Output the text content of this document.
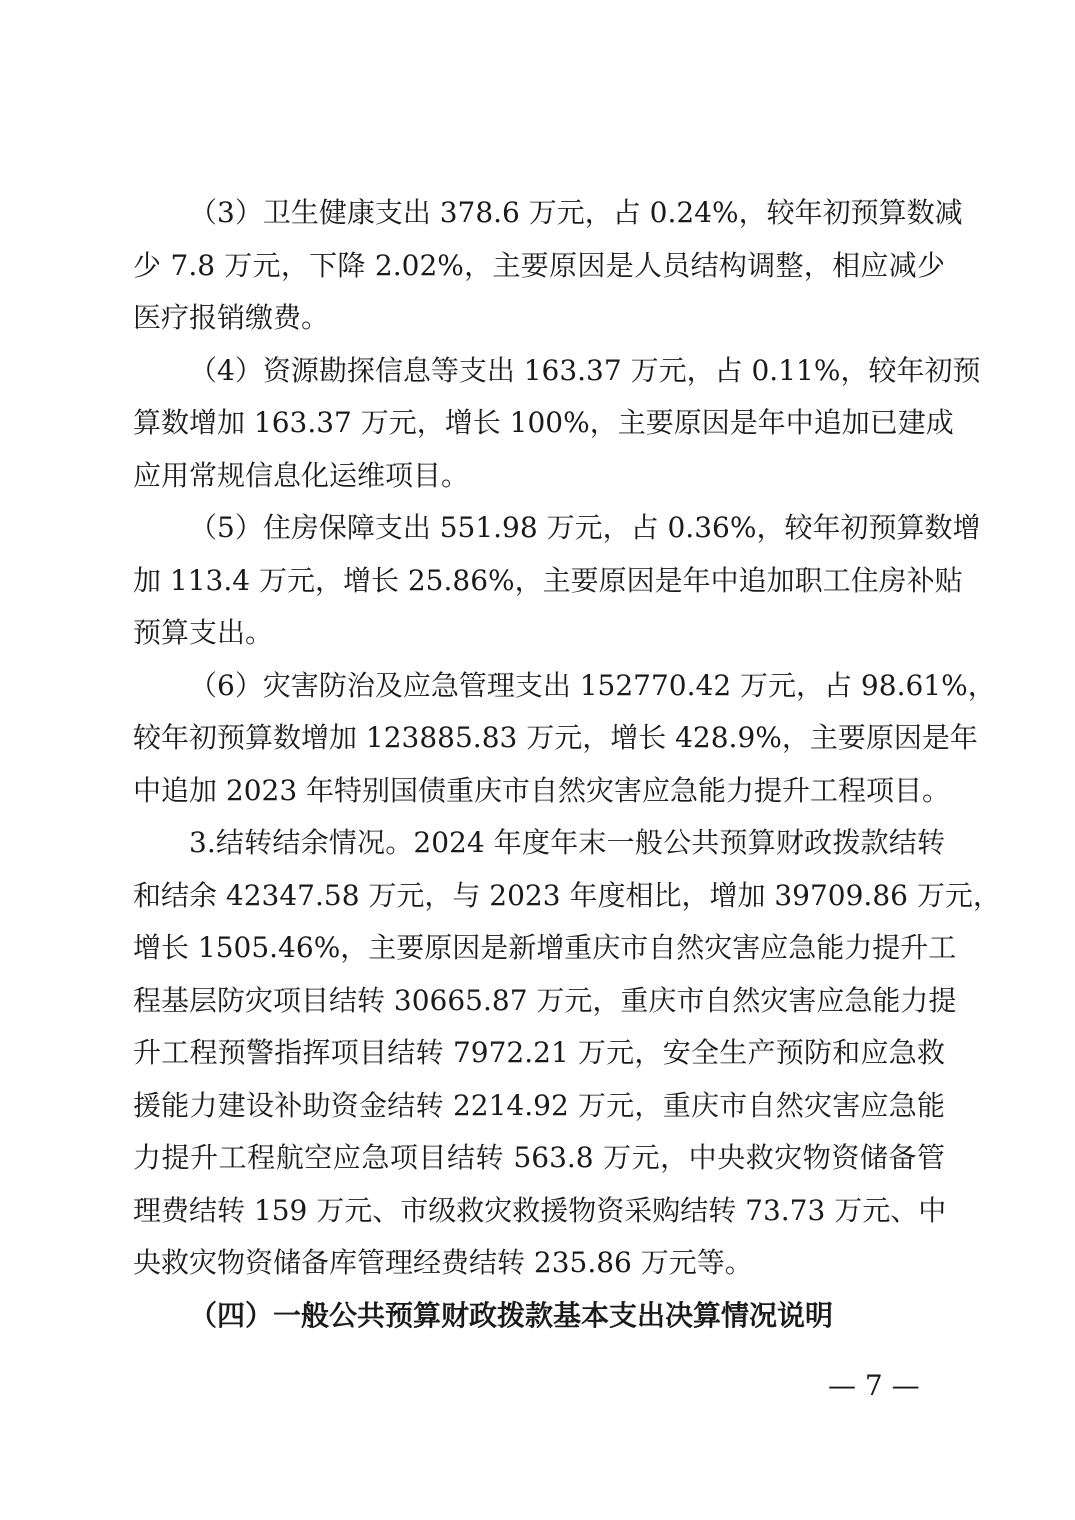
（3）卫生健康支出 378.6 万元，占 0.24%，较年初预算数减
少 7.8 万元，下降 2.02%，主要原因是人员结构调整，相应减少
医疗报销缴费。

（4）资源勘探信息等支出 163.37 万元，占 0.11%，较年初预
算数增加 163.37 万元，增长 100%，主要原因是年中追加已建成
应用常规信息化运维项目。

（5）住房保障支出 551.98 万元，占 0.36%，较年初预算数增
加 113.4 万元，增长 25.86%，主要原因是年中追加职工住房补贴
预算支出。

（6）灾害防治及应急管理支出 152770.42 万元，占 98.61%，
较年初预算数增加 123885.83 万元，增长 428.9%，主要原因是年
中追加 2023 年特别国债重庆市自然灾害应急能力提升工程项目。

3.结转结余情况。2024 年度年末一般公共预算财政拨款结转
和结余 42347.58 万元，与 2023 年度相比，增加 39709.86 万元，
增长 1505.46%，主要原因是新增重庆市自然灾害应急能力提升工
程基层防灾项目结转 30665.87 万元，重庆市自然灾害应急能力提
升工程预警指挥项目结转 7972.21 万元，安全生产预防和应急救
援能力建设补助资金结转 2214.92 万元，重庆市自然灾害应急能
力提升工程航空应急项目结转 563.8 万元，中央救灾物资储备管
理费结转 159 万元、市级救灾救援物资采购结转 73.73 万元、中
央救灾物资储备库管理经费结转 235.86 万元等。

（四）一般公共预算财政拨款基本支出决算情况说明

— 7 —
